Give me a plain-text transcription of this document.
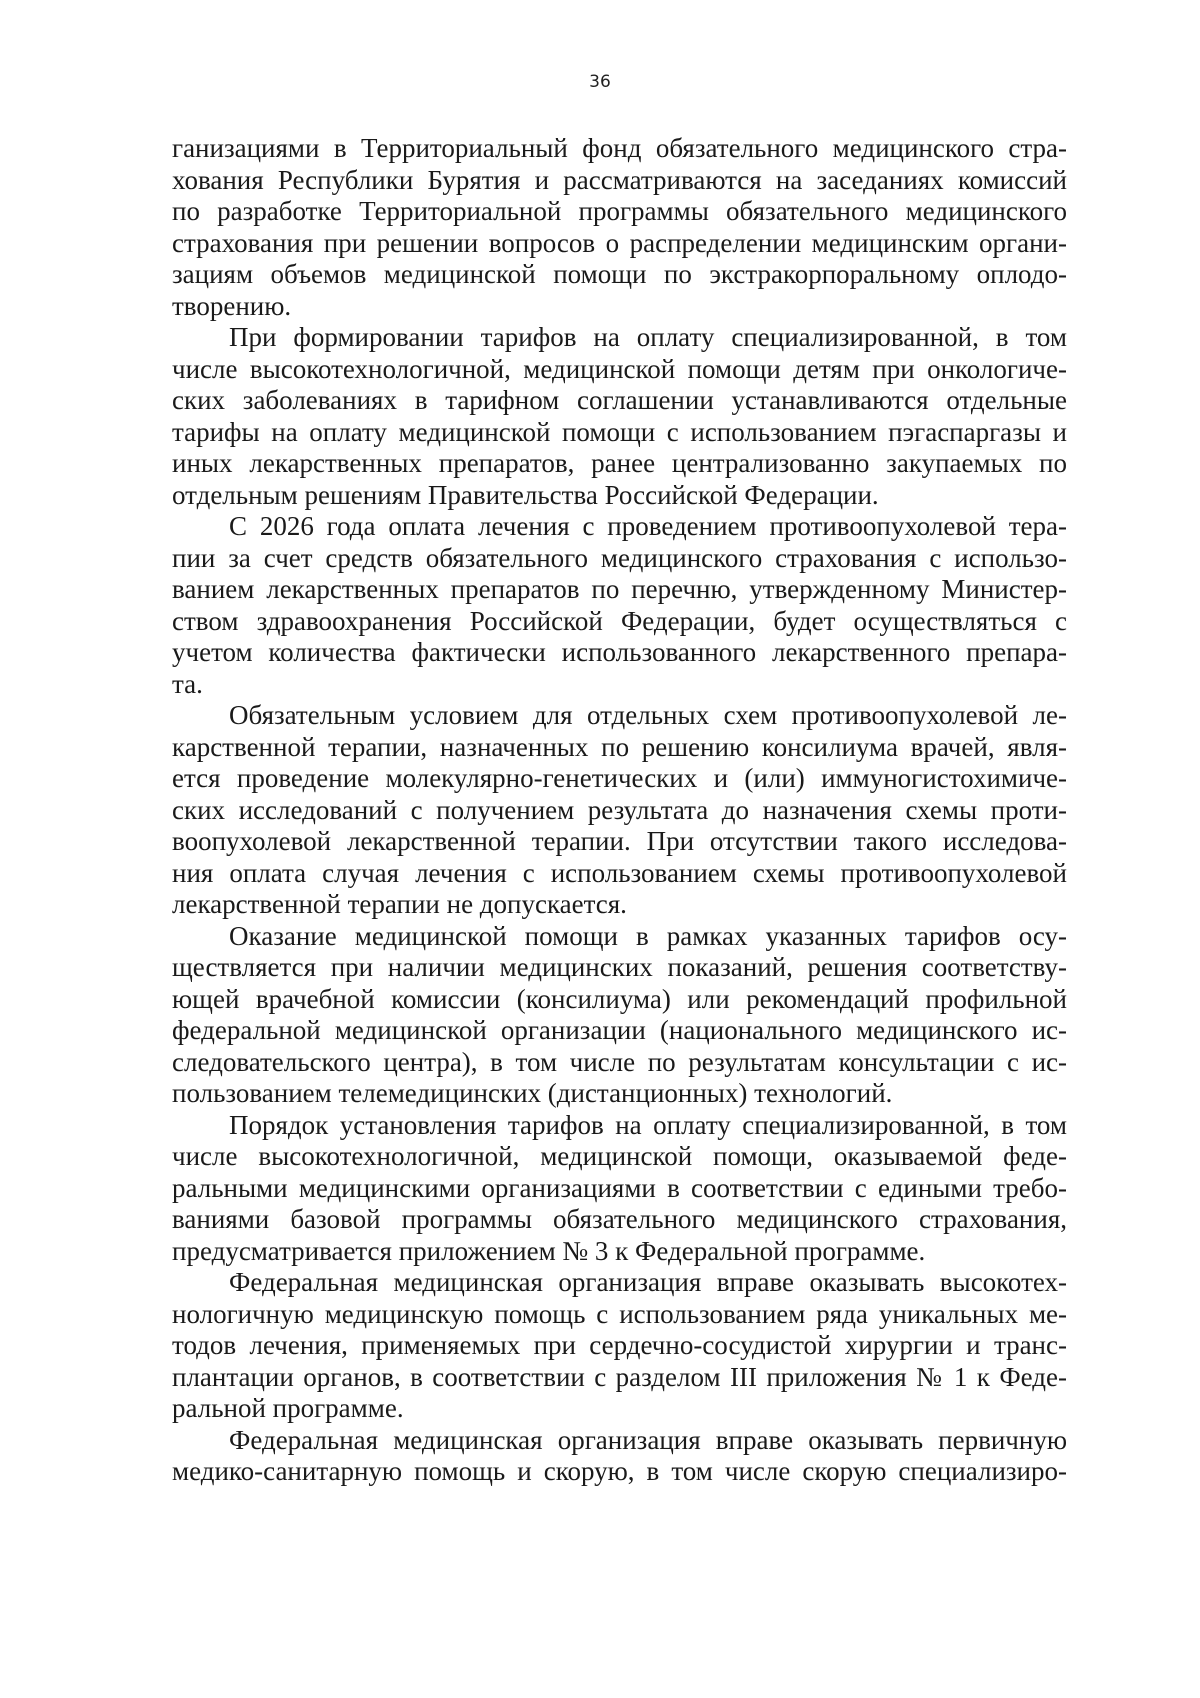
36
ганизациями в Территориальный фонд обязательного медицинского стра-
хования Республики Бурятия и рассматриваются на заседаниях комиссий
по разработке Территориальной программы обязательного медицинского
страхования при решении вопросов о распределении медицинским органи-
зациям объемов медицинской помощи по экстракорпоральному оплодо-
творению.
При формировании тарифов на оплату специализированной, в том
числе высокотехнологичной, медицинской помощи детям при онкологиче-
ских заболеваниях в тарифном соглашении устанавливаются отдельные
тарифы на оплату медицинской помощи с использованием пэгаспаргазы и
иных лекарственных препаратов, ранее централизованно закупаемых по
отдельным решениям Правительства Российской Федерации.
С 2026 года оплата лечения с проведением противоопухолевой тера-
пии за счет средств обязательного медицинского страхования с использо-
ванием лекарственных препаратов по перечню, утвержденному Министер-
ством здравоохранения Российской Федерации, будет осуществляться с
учетом количества фактически использованного лекарственного препара-
та.
Обязательным условием для отдельных схем противоопухолевой ле-
карственной терапии, назначенных по решению консилиума врачей, явля-
ется проведение молекулярно-генетических и (или) иммуногистохимиче-
ских исследований с получением результата до назначения схемы проти-
воопухолевой лекарственной терапии. При отсутствии такого исследова-
ния оплата случая лечения с использованием схемы противоопухолевой
лекарственной терапии не допускается.
Оказание медицинской помощи в рамках указанных тарифов осу-
ществляется при наличии медицинских показаний, решения соответству-
ющей врачебной комиссии (консилиума) или рекомендаций профильной
федеральной медицинской организации (национального медицинского ис-
следовательского центра), в том числе по результатам консультации с ис-
пользованием телемедицинских (дистанционных) технологий.
Порядок установления тарифов на оплату специализированной, в том
числе высокотехнологичной, медицинской помощи, оказываемой феде-
ральными медицинскими организациями в соответствии с едиными требо-
ваниями базовой программы обязательного медицинского страхования,
предусматривается приложением № 3 к Федеральной программе.
Федеральная медицинская организация вправе оказывать высокотех-
нологичную медицинскую помощь с использованием ряда уникальных ме-
тодов лечения, применяемых при сердечно-сосудистой хирургии и транс-
плантации органов, в соответствии с разделом III приложения № 1 к Феде-
ральной программе.
Федеральная медицинская организация вправе оказывать первичную
медико-санитарную помощь и скорую, в том числе скорую специализиро-
